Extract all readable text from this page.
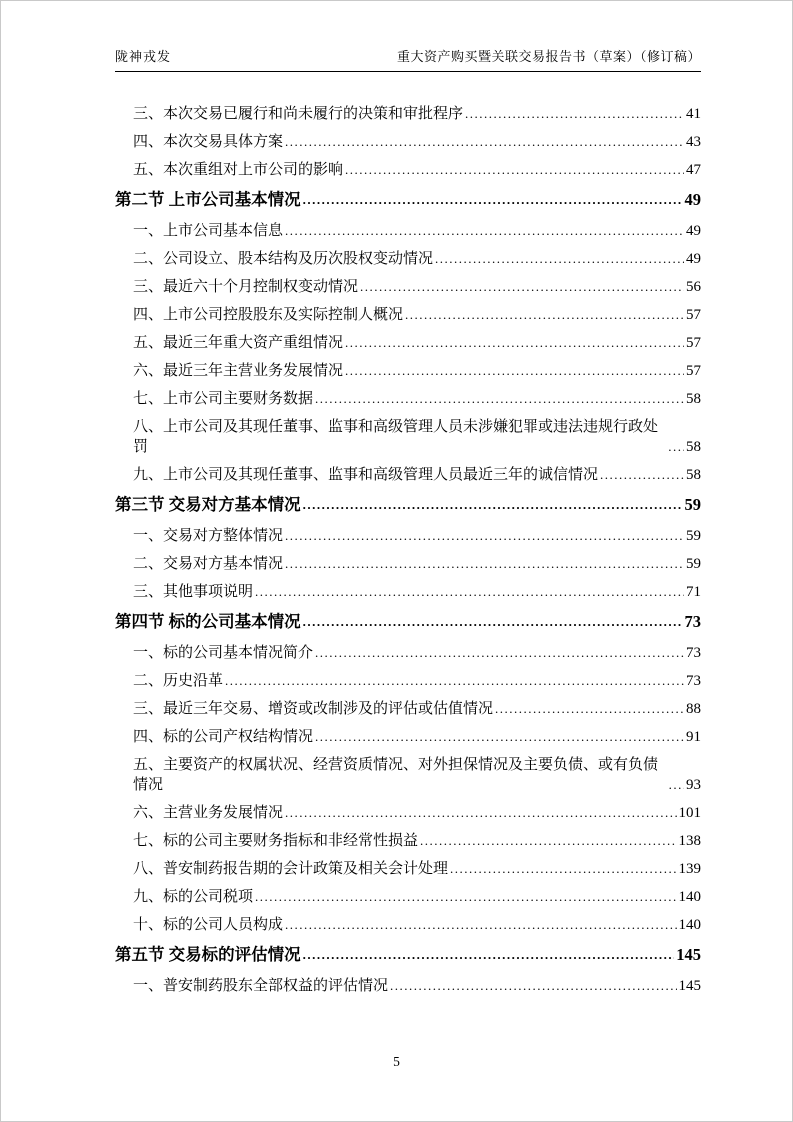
陇神戎发	重大资产购买暨关联交易报告书（草案）（修订稿）
三、本次交易已履行和尚未履行的决策和审批程序 .....	41
四、本次交易具体方案 .....	43
五、本次重组对上市公司的影响 .....	47
第二节 上市公司基本情况 .....	49
一、上市公司基本信息 .....	49
二、公司设立、股本结构及历次股权变动情况 .....	49
三、最近六十个月控制权变动情况 .....	56
四、上市公司控股股东及实际控制人概况 .....	57
五、最近三年重大资产重组情况 .....	57
六、最近三年主营业务发展情况 .....	57
七、上市公司主要财务数据 .....	58
八、上市公司及其现任董事、监事和高级管理人员未涉嫌犯罪或违法违规行政处罚 .....	58
九、上市公司及其现任董事、监事和高级管理人员最近三年的诚信情况 .....	58
第三节 交易对方基本情况 .....	59
一、交易对方整体情况 .....	59
二、交易对方基本情况 .....	59
三、其他事项说明 .....	71
第四节 标的公司基本情况 .....	73
一、标的公司基本情况简介 .....	73
二、历史沿革 .....	73
三、最近三年交易、增资或改制涉及的评估或估值情况 .....	88
四、标的公司产权结构情况 .....	91
五、主要资产的权属状况、经营资质情况、对外担保情况及主要负债、或有负债情况 .....	93
六、主营业务发展情况 .....	101
七、标的公司主要财务指标和非经常性损益 .....	138
八、普安制药报告期的会计政策及相关会计处理 .....	139
九、标的公司税项 .....	140
十、标的公司人员构成 .....	140
第五节 交易标的评估情况 .....	145
一、普安制药股东全部权益的评估情况 .....	145
5
